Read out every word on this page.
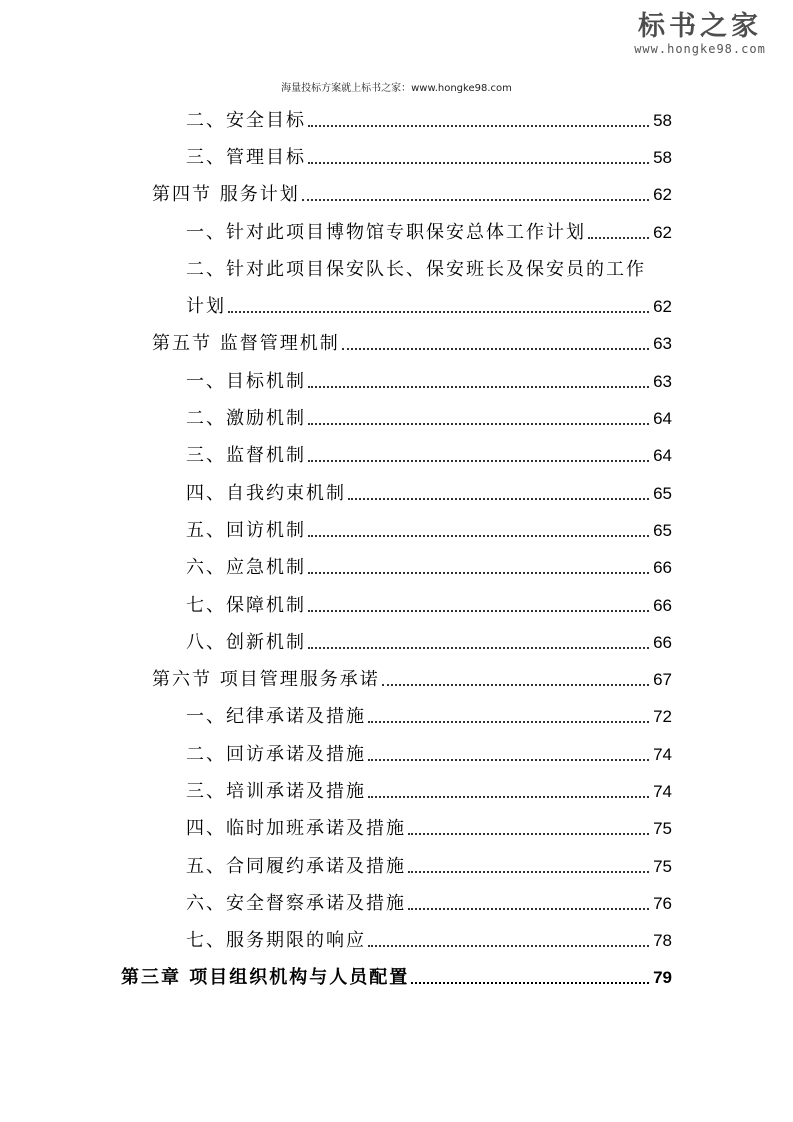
标书之家
www.hongke98.com
海量投标方案就上标书之家：www.hongke98.com
二、安全目标	58
三、管理目标	58
第四节 服务计划	62
一、针对此项目博物馆专职保安总体工作计划	62
二、针对此项目保安队长、保安班长及保安员的工作
计划	62
第五节 监督管理机制	63
一、目标机制	63
二、激励机制	64
三、监督机制	64
四、自我约束机制	65
五、回访机制	65
六、应急机制	66
七、保障机制	66
八、创新机制	66
第六节 项目管理服务承诺	67
一、纪律承诺及措施	72
二、回访承诺及措施	74
三、培训承诺及措施	74
四、临时加班承诺及措施	75
五、合同履约承诺及措施	75
六、安全督察承诺及措施	76
七、服务期限的响应	78
第三章 项目组织机构与人员配置	79
